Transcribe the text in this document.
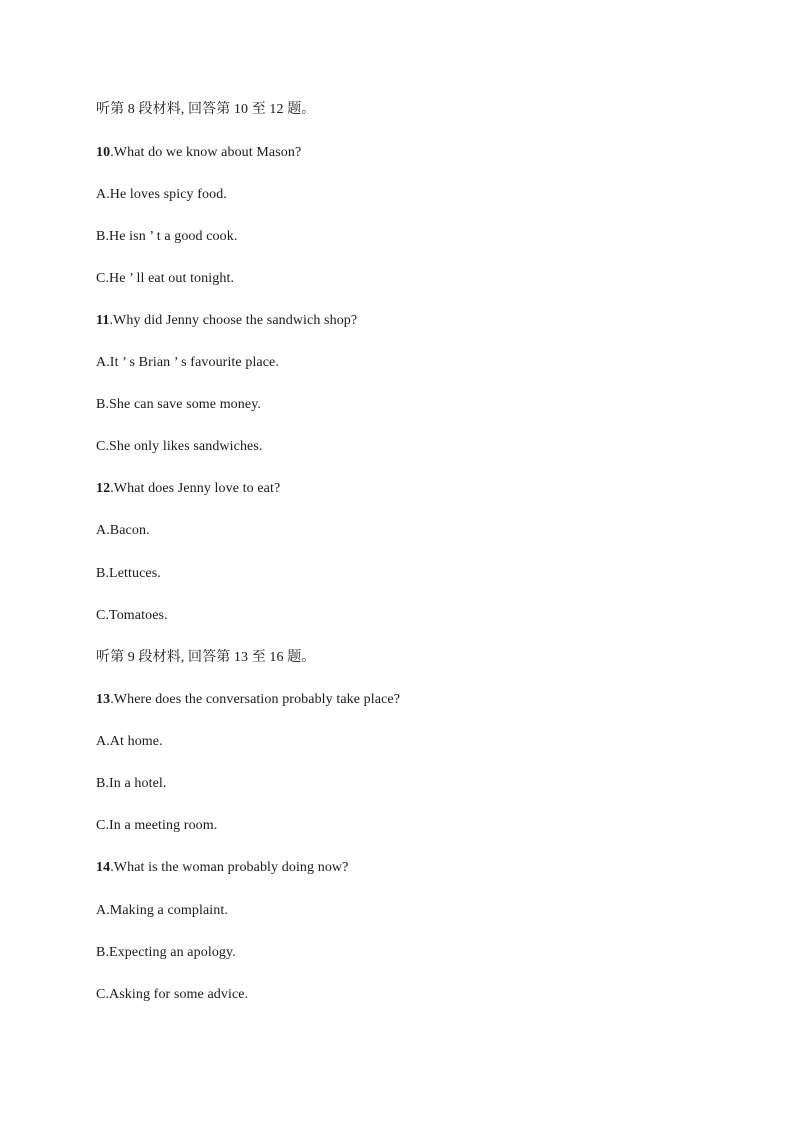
听第 8 段材料, 回答第 10 至 12 题。
10.What do we know about Mason?
A.He loves spicy food.
B.He isn ’ t a good cook.
C.He ’ ll eat out tonight.
11.Why did Jenny choose the sandwich shop?
A.It ’ s Brian ’ s favourite place.
B.She can save some money.
C.She only likes sandwiches.
12.What does Jenny love to eat?
A.Bacon.
B.Lettuces.
C.Tomatoes.
听第 9 段材料, 回答第 13 至 16 题。
13.Where does the conversation probably take place?
A.At home.
B.In a hotel.
C.In a meeting room.
14.What is the woman probably doing now?
A.Making a complaint.
B.Expecting an apology.
C.Asking for some advice.
